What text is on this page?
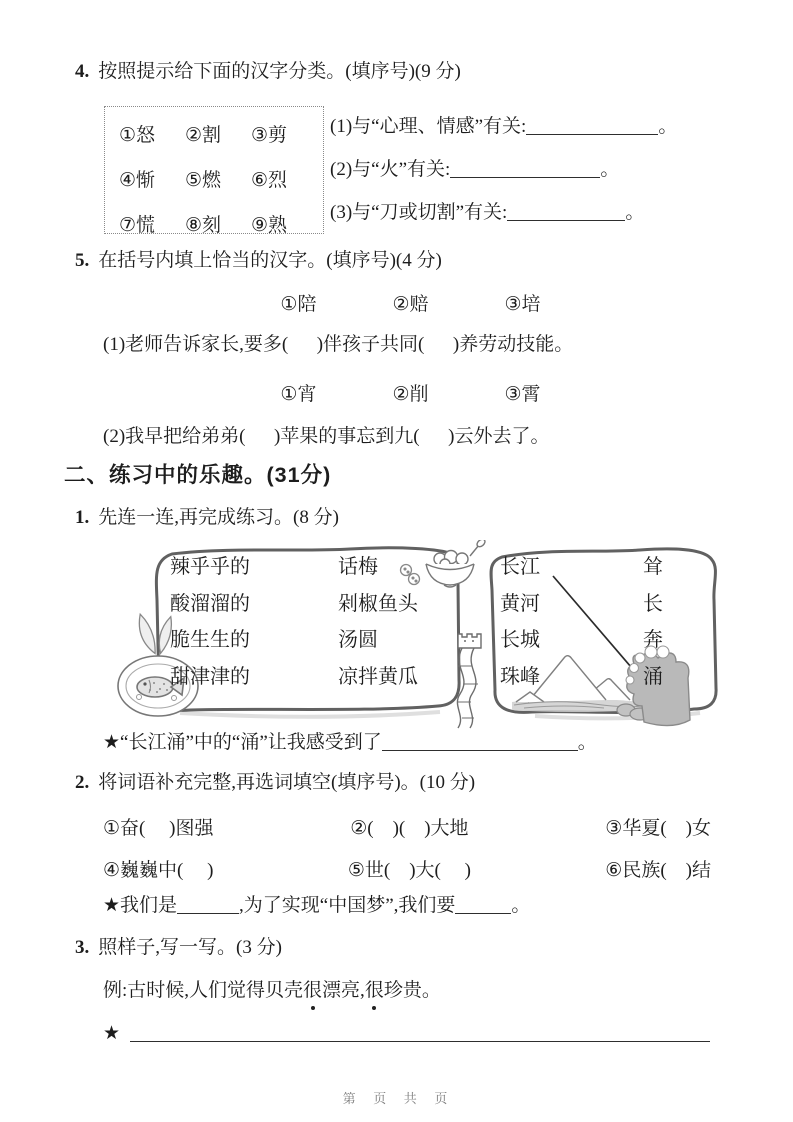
4. 按照提示给下面的汉字分类。(填序号)(9 分)
①怒	②割	③剪
④惭	⑤燃	⑥烈
⑦慌	⑧刻	⑨熟
(1)与“心理、情感”有关:	。
(2)与“火”有关:	。
(3)与“刀或切割”有关:	。
5. 在括号内填上恰当的汉字。(填序号)(4 分)
①陪	②赔	③培
(1)老师告诉家长,要多(      )伴孩子共同(      )养劳动技能。
①宵	②削	③霄
(2)我早把给弟弟(      )苹果的事忘到九(      )云外去了。
二、练习中的乐趣。(31分)
1. 先连一连,再完成练习。(8 分)
辣乎乎的
酸溜溜的
脆生生的
甜津津的
话梅
剁椒鱼头
汤圆
凉拌黄瓜
长江
黄河
长城
珠峰
耸
长
奔
涌
★“长江涌”中的“涌”让我感受到了	。
2. 将词语补充完整,再选词填空(填序号)。(10 分)
①奋(     )图强	②(    )(    )大地	③华夏(    )女
④巍巍中(     )	⑤世(    )大(     )	⑥民族(    )结
★我们是	,为了实现“中国梦”,我们要	。
3. 照样子,写一写。(3 分)
例:古时候,人们觉得贝壳很漂亮,很珍贵。
★
第 页 共 页
